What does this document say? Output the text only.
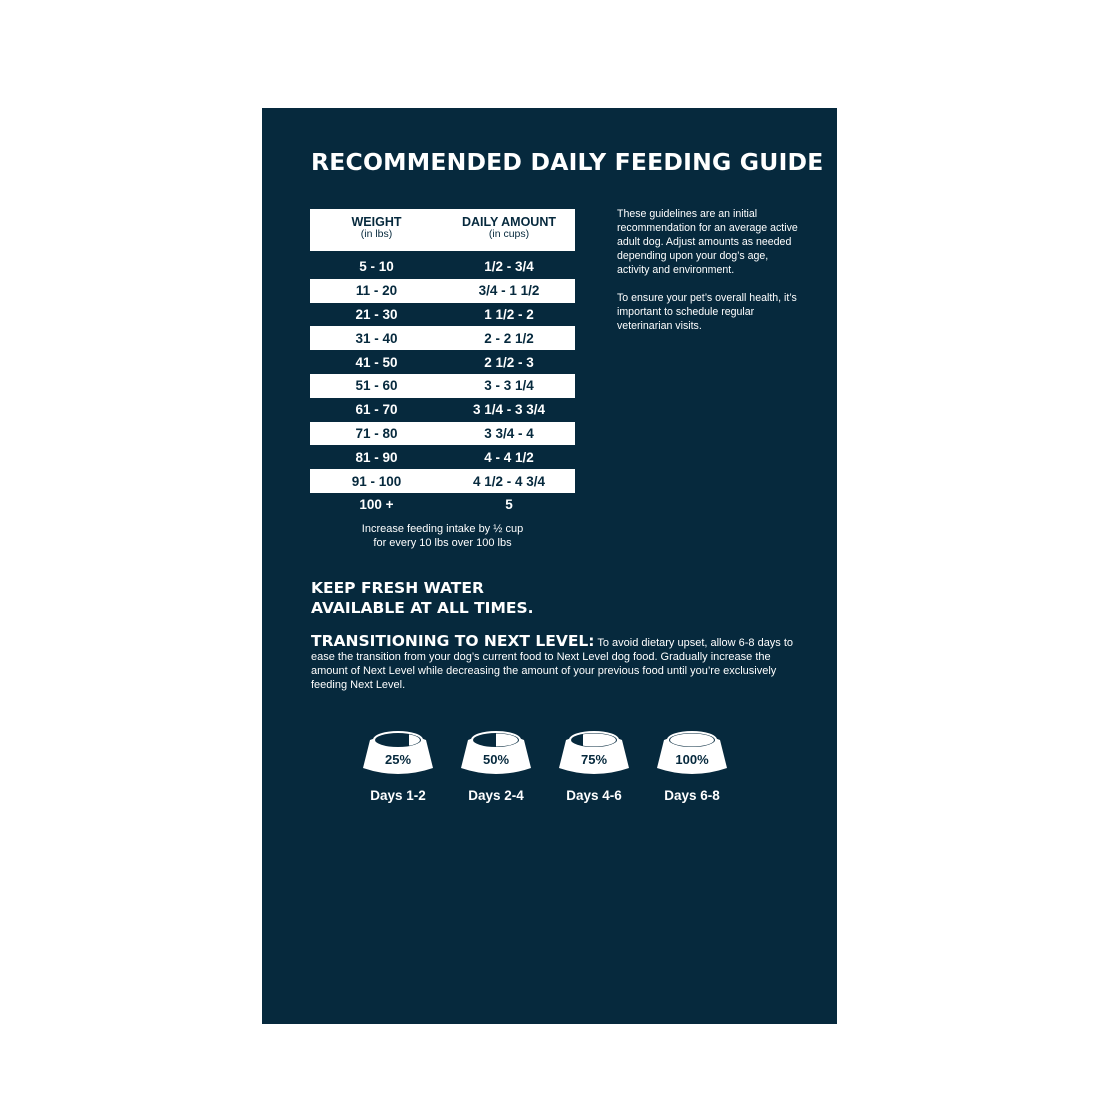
RECOMMENDED DAILY FEEDING GUIDE
WEIGHT
(in lbs)
DAILY AMOUNT
(in cups)
5 - 10	1/2 - 3/4
11 - 20	3/4 - 1 1/2
21 - 30	1 1/2 - 2
31 - 40	2 - 2 1/2
41 - 50	2 1/2 - 3
51 - 60	3 - 3 1/4
61 - 70	3 1/4 - 3 3/4
71 - 80	3 3/4 - 4
81 - 90	4 - 4 1/2
91 - 100	4 1/2 - 4 3/4
100 +	5
Increase feeding intake by ½ cup
for every 10 lbs over 100 lbs

These guidelines are an initial recommendation for an average active adult dog. Adjust amounts as needed depending upon your dog’s age, activity and environment.

To ensure your pet’s overall health, it’s important to schedule regular veterinarian visits.

KEEP FRESH WATER
AVAILABLE AT ALL TIMES.

TRANSITIONING TO NEXT LEVEL: To avoid dietary upset, allow 6-8 days to ease the transition from your dog’s current food to Next Level dog food. Gradually increase the amount of Next Level while decreasing the amount of your previous food until you’re exclusively feeding Next Level.

25%
Days 1-2
50%
Days 2-4
75%
Days 4-6
100%
Days 6-8
